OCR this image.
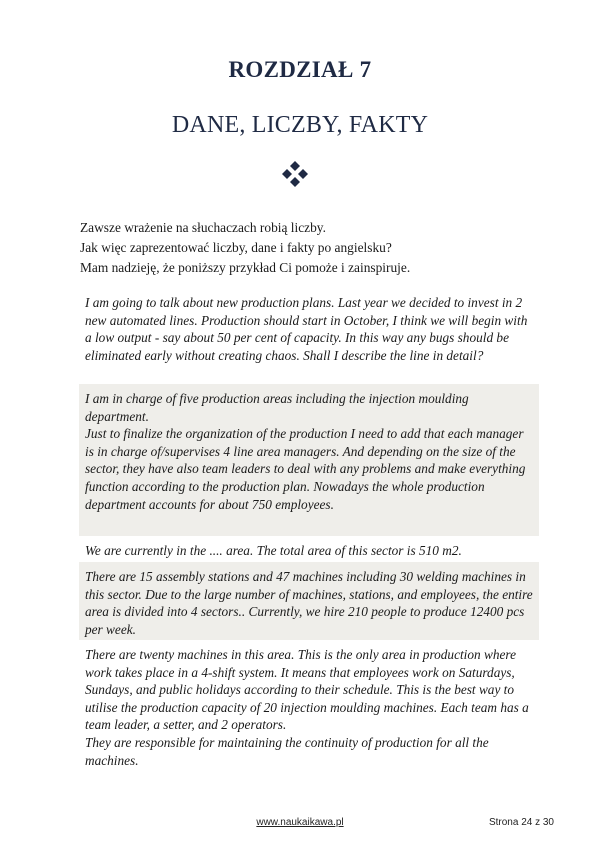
ROZDZIAŁ 7
DANE, LICZBY, FAKTY

Zawsze wrażenie na słuchaczach robią liczby.

Jak więc zaprezentować liczby, dane i fakty po angielsku?

Mam nadzieję, że poniższy przykład Ci pomoże i zainspiruje.

I am going to talk about new production plans. Last year we decided to invest in 2 new automated lines. Production should start in October, I think we will begin with a low output - say about 50 per cent of capacity. In this way any bugs should be eliminated early without creating chaos. Shall I describe the line in detail?

I am in charge of five production areas including the injection moulding department.

Just to finalize the organization of the production I need to add that each manager is in charge of/supervises 4 line area managers. And depending on the size of the sector, they have also team leaders to deal with any problems and make everything function according to the production plan. Nowadays the whole production department accounts for about 750 employees.

We are currently in the .... area. The total area of this sector is 510 m2.

There are 15 assembly stations and 47 machines including 30 welding machines in this sector. Due to the large number of machines, stations, and employees, the entire area is divided into 4 sectors.. Currently, we hire 210 people to produce 12400 pcs per week.

There are twenty machines in this area. This is the only area in production where work takes place in a 4-shift system. It means that employees work on Saturdays, Sundays, and public holidays according to their schedule. This is the best way to utilise the production capacity of 20 injection moulding machines. Each team has a team leader, a setter, and 2 operators.

They are responsible for maintaining the continuity of production for all the machines.

www.naukaikawa.pl	Strona 24 z 30
